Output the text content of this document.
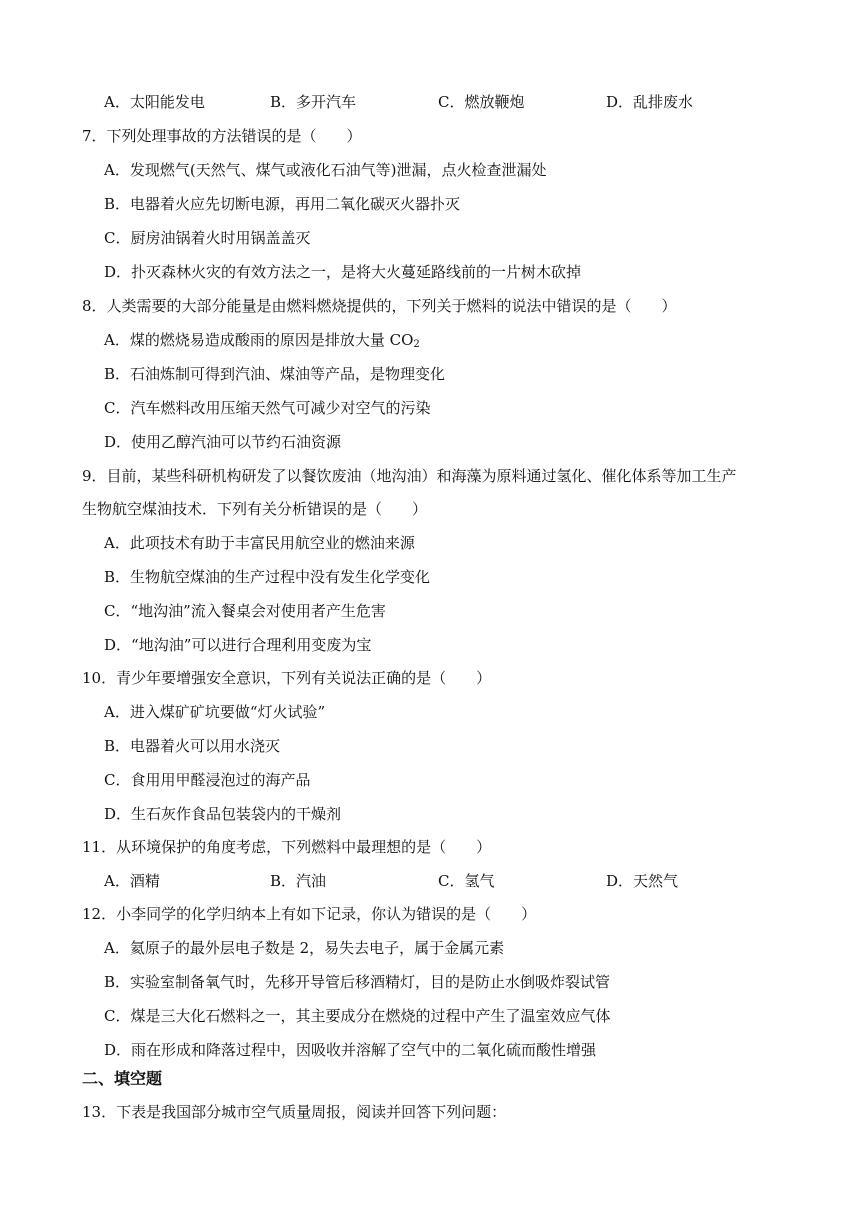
A．太阳能发电	B．多开汽车	C．燃放鞭炮	D．乱排废水
7．下列处理事故的方法错误的是（　　）
A．发现燃气(天然气、煤气或液化石油气等)泄漏，点火检查泄漏处
B．电器着火应先切断电源，再用二氧化碳灭火器扑灭
C．厨房油锅着火时用锅盖盖灭
D．扑灭森林火灾的有效方法之一，是将大火蔓延路线前的一片树木砍掉
8．人类需要的大部分能量是由燃料燃烧提供的，下列关于燃料的说法中错误的是（　　）
A．煤的燃烧易造成酸雨的原因是排放大量 $CO_2$
B．石油炼制可得到汽油、煤油等产品，是物理变化
C．汽车燃料改用压缩天然气可减少对空气的污染
D．使用乙醇汽油可以节约石油资源
9．目前，某些科研机构研发了以餐饮废油（地沟油）和海藻为原料通过氢化、催化体系等加工生产
生物航空煤油技术．下列有关分析错误的是（　　）
A．此项技术有助于丰富民用航空业的燃油来源
B．生物航空煤油的生产过程中没有发生化学变化
C．“地沟油”流入餐桌会对使用者产生危害
D．“地沟油”可以进行合理利用变废为宝
10．青少年要增强安全意识，下列有关说法正确的是（　　）
A．进入煤矿矿坑要做“灯火试验”
B．电器着火可以用水浇灭
C．食用用甲醛浸泡过的海产品
D．生石灰作食品包装袋内的干燥剂
11．从环境保护的角度考虑，下列燃料中最理想的是（　　）
A．酒精	B．汽油	C．氢气	D．天然气
12．小李同学的化学归纳本上有如下记录，你认为错误的是（　　）
A．氦原子的最外层电子数是 2，易失去电子，属于金属元素
B．实验室制备氧气时，先移开导管后移酒精灯，目的是防止水倒吸炸裂试管
C．煤是三大化石燃料之一，其主要成分在燃烧的过程中产生了温室效应气体
D．雨在形成和降落过程中，因吸收并溶解了空气中的二氧化硫而酸性增强
二、填空题
13．下表是我国部分城市空气质量周报，阅读并回答下列问题：
